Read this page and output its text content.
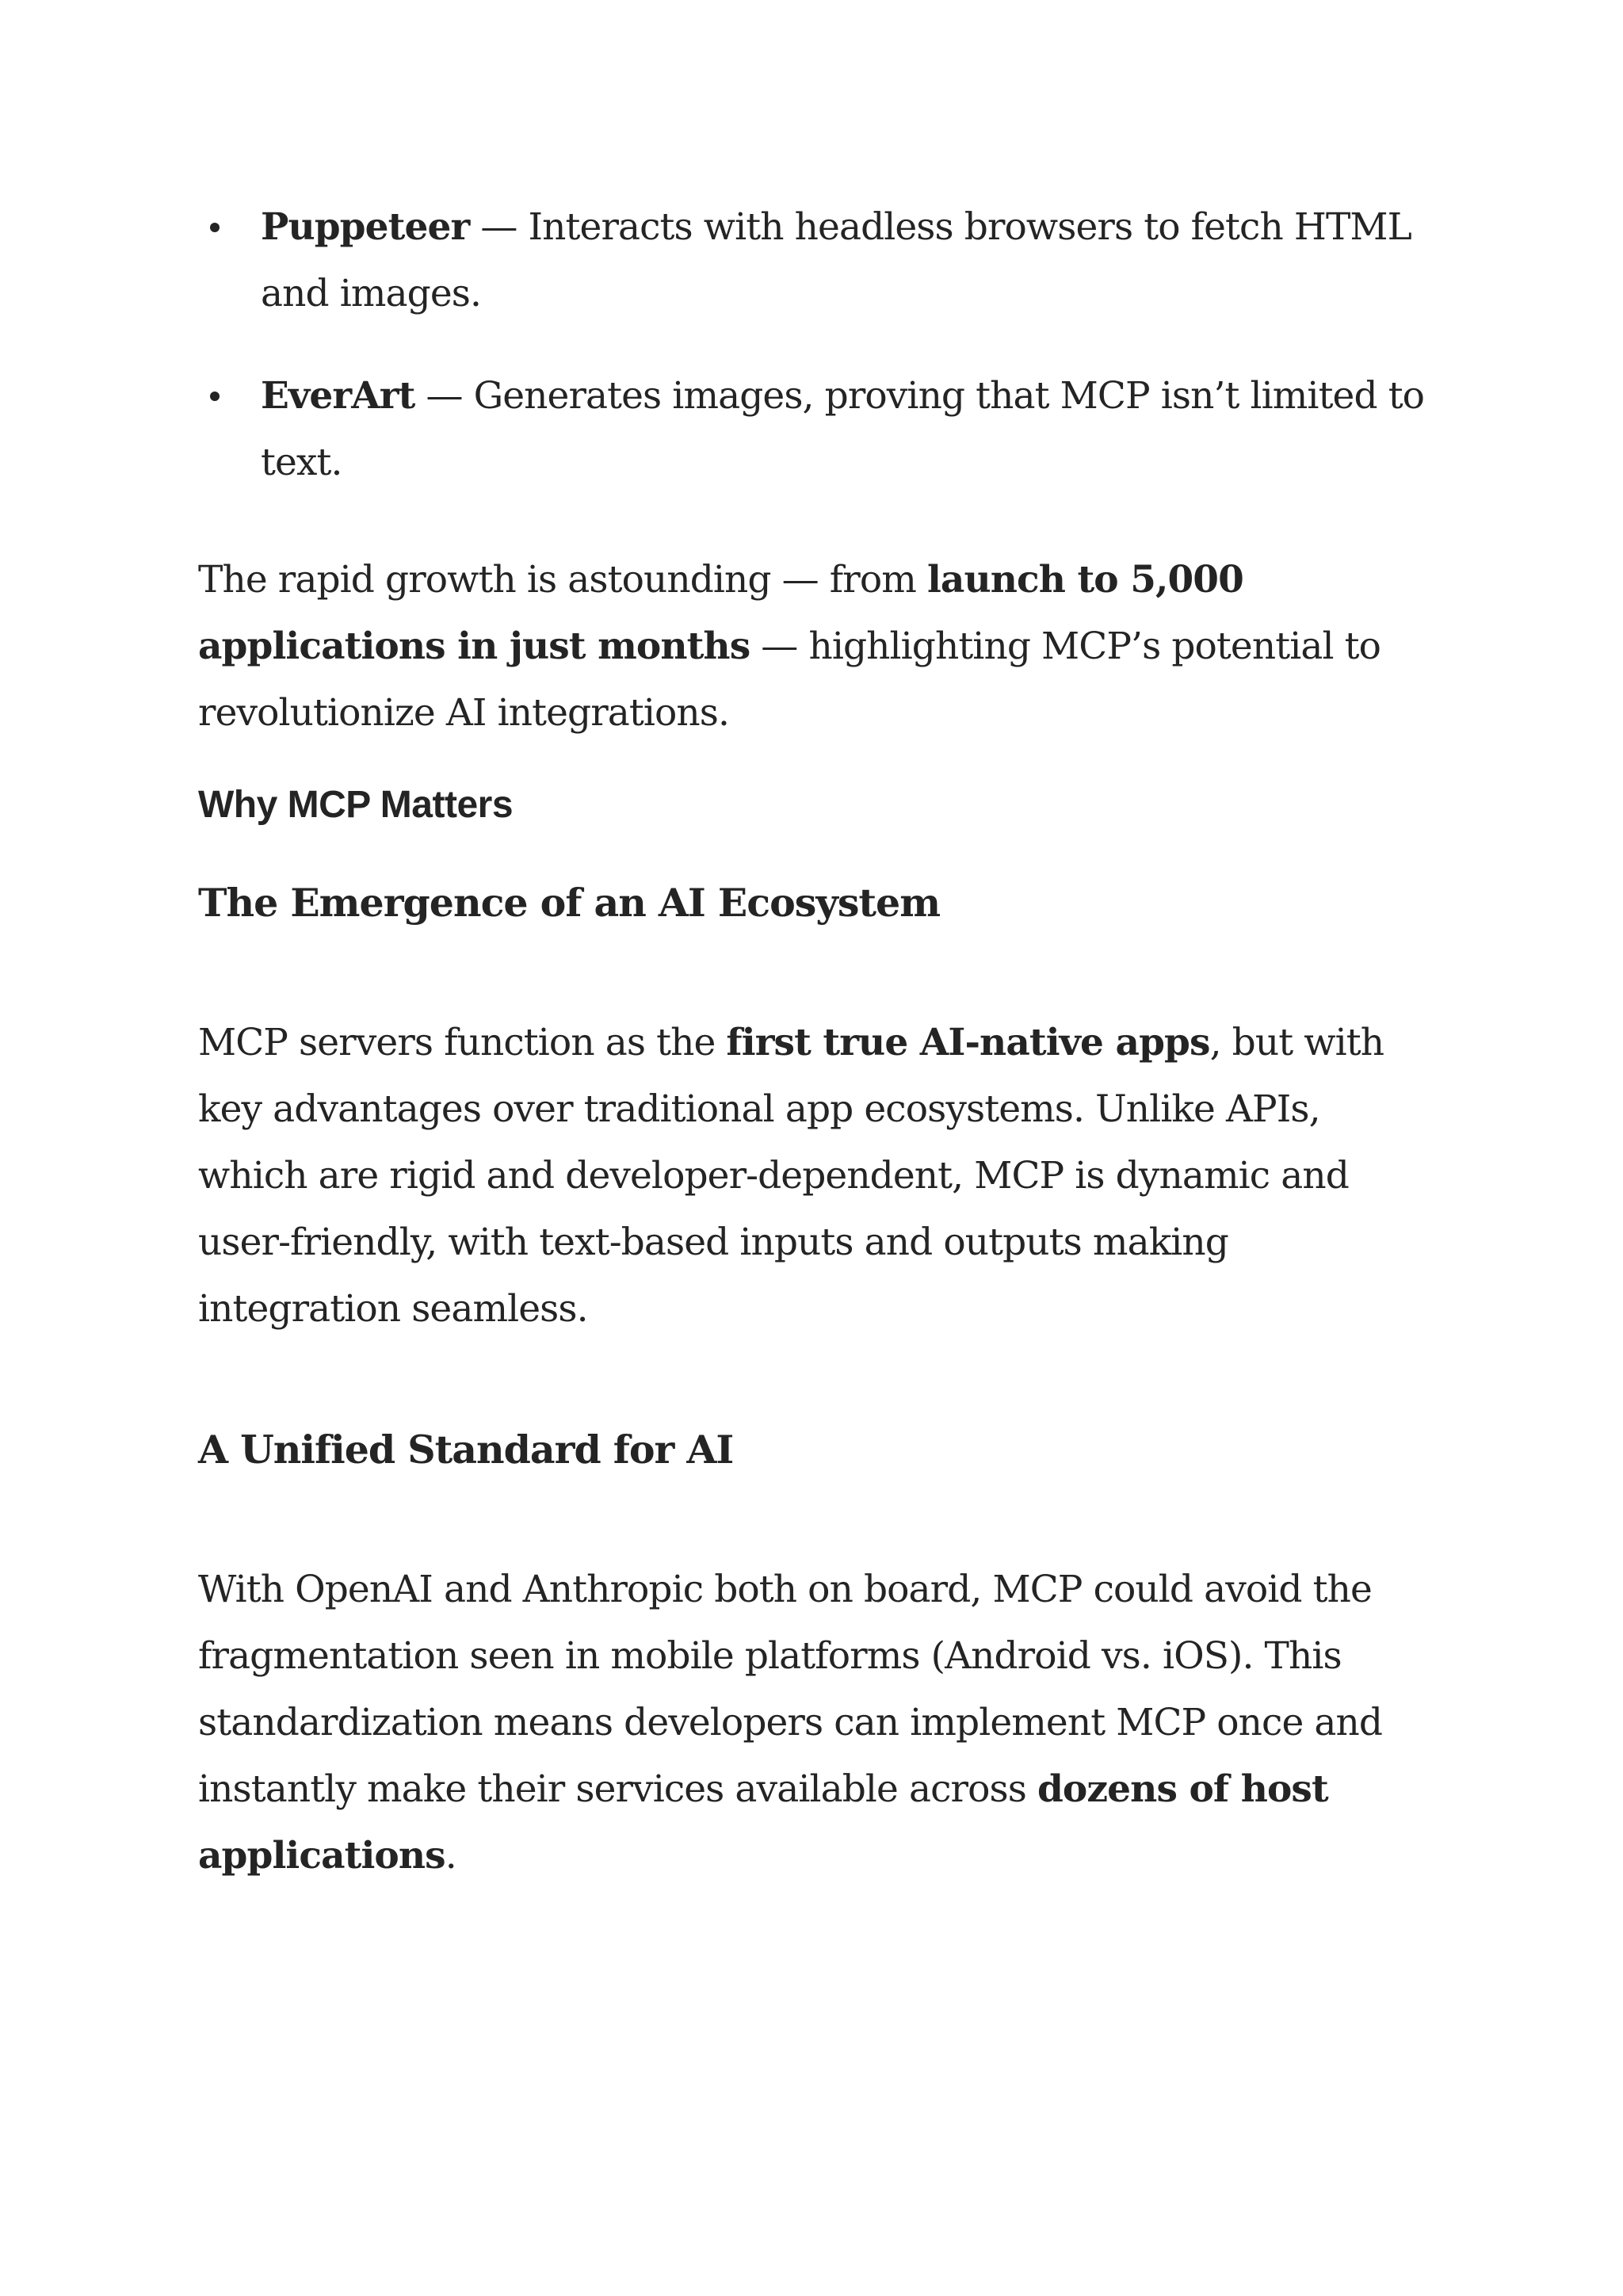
Puppeteer — Interacts with headless browsers to fetch HTML and images.
EverArt — Generates images, proving that MCP isn’t limited to text.

The rapid growth is astounding — from launch to 5,000 applications in just months — highlighting MCP’s potential to revolutionize AI integrations.

Why MCP Matters
The Emergence of an AI Ecosystem

MCP servers function as the first true AI-native apps, but with key advantages over traditional app ecosystems. Unlike APIs, which are rigid and developer-dependent, MCP is dynamic and user-friendly, with text-based inputs and outputs making integration seamless.

A Unified Standard for AI

With OpenAI and Anthropic both on board, MCP could avoid the fragmentation seen in mobile platforms (Android vs. iOS). This standardization means developers can implement MCP once and instantly make their services available across dozens of host applications.
